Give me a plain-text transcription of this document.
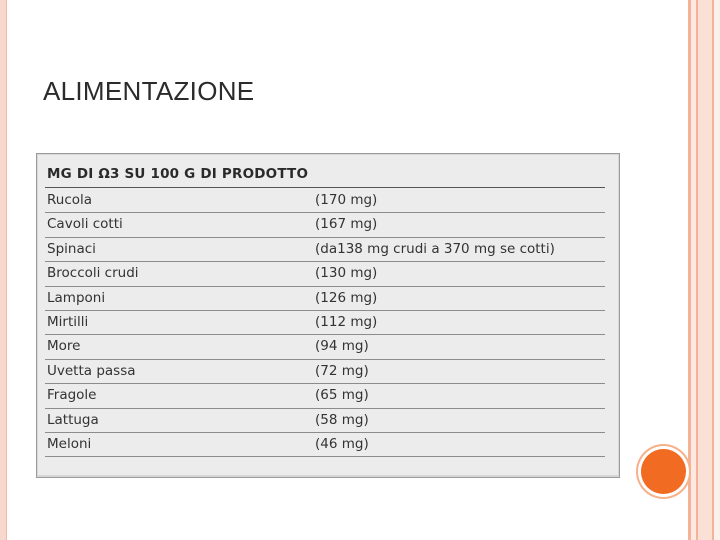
ALIMENTAZIONE
MG DI Ω3 SU 100 G DI PRODOTTO
Rucola	(170 mg)
Cavoli cotti	(167 mg)
Spinaci	(da138 mg crudi a 370 mg se cotti)
Broccoli crudi	(130 mg)
Lamponi	(126 mg)
Mirtilli	(112 mg)
More	(94 mg)
Uvetta passa	(72 mg)
Fragole	(65 mg)
Lattuga	(58 mg)
Meloni	(46 mg)
